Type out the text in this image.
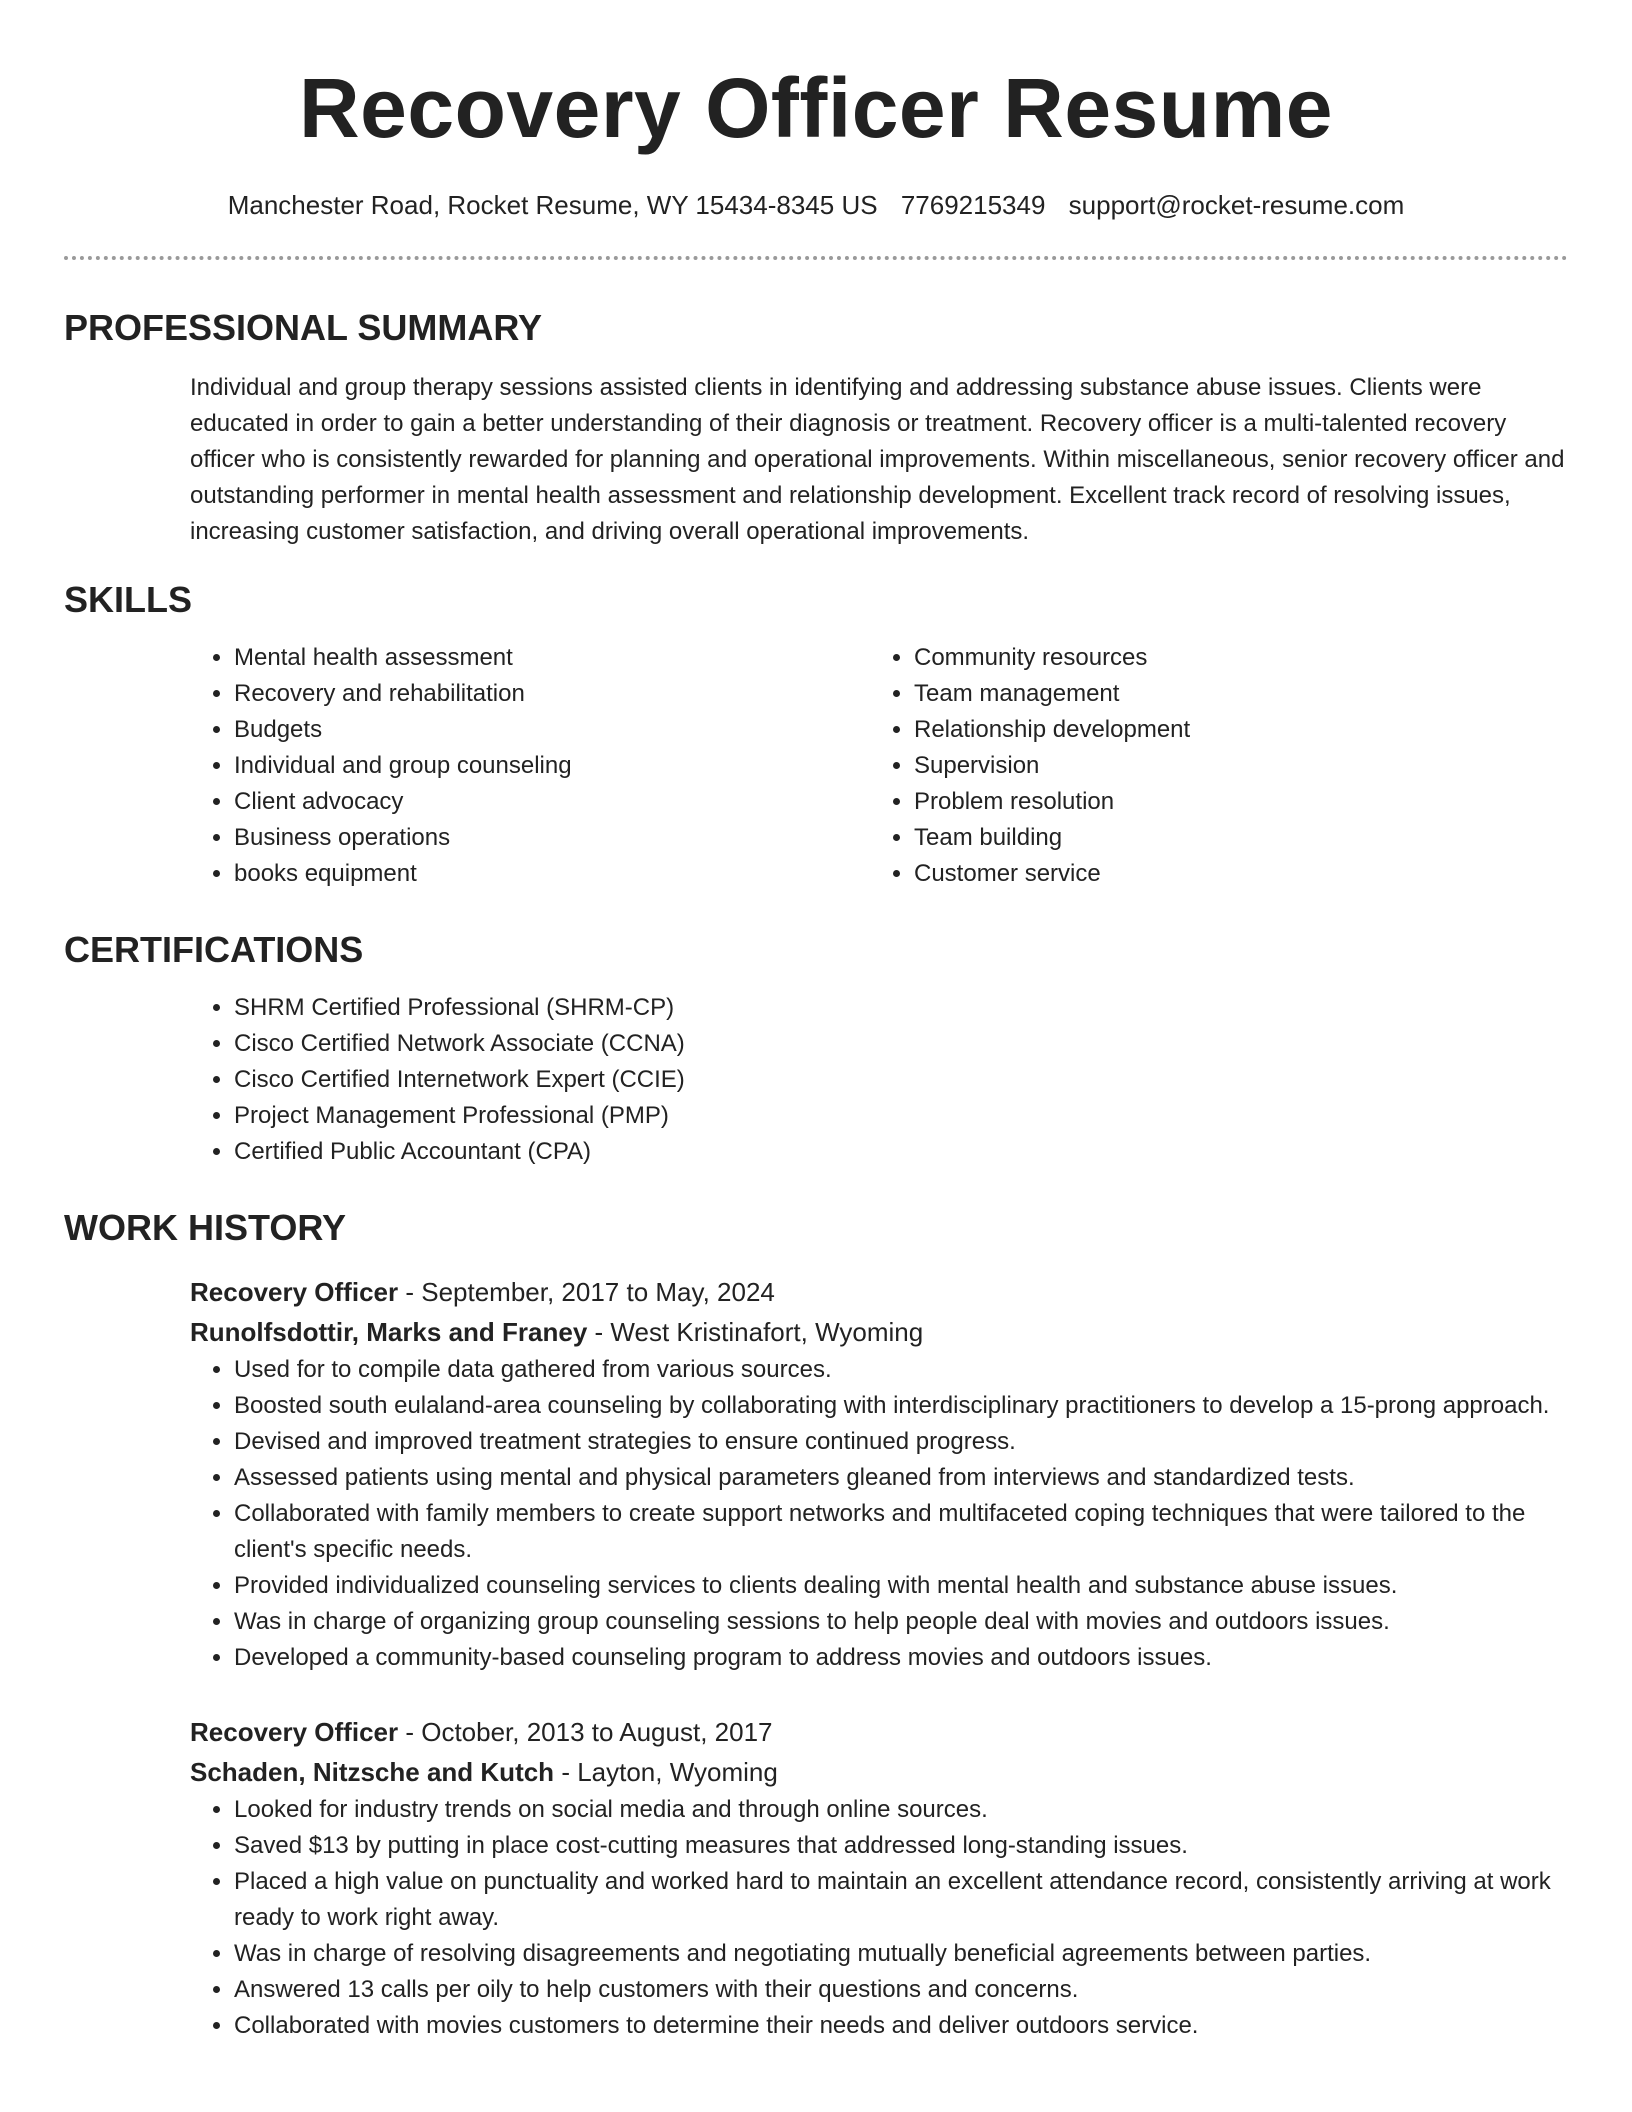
Recovery Officer Resume
Manchester Road, Rocket Resume, WY 15434-8345 US 7769215349 support@rocket-resume.com
PROFESSIONAL SUMMARY

Individual and group therapy sessions assisted clients in identifying and addressing substance abuse issues. Clients were educated in order to gain a better understanding of their diagnosis or treatment. Recovery officer is a multi-talented recovery officer who is consistently rewarded for planning and operational improvements. Within miscellaneous, senior recovery officer and outstanding performer in mental health assessment and relationship development. Excellent track record of resolving issues, increasing customer satisfaction, and driving overall operational improvements.

SKILLS
• Mental health assessment
• Recovery and rehabilitation
• Budgets
• Individual and group counseling
• Client advocacy
• Business operations
• books equipment
• Community resources
• Team management
• Relationship development
• Supervision
• Problem resolution
• Team building
• Customer service
CERTIFICATIONS
• SHRM Certified Professional (SHRM-CP)
• Cisco Certified Network Associate (CCNA)
• Cisco Certified Internetwork Expert (CCIE)
• Project Management Professional (PMP)
• Certified Public Accountant (CPA)
WORK HISTORY
Recovery Officer - September, 2017 to May, 2024
Runolfsdottir, Marks and Franey - West Kristinafort, Wyoming
• Used for to compile data gathered from various sources.
• Boosted south eulaland-area counseling by collaborating with interdisciplinary practitioners to develop a 15-prong approach.
• Devised and improved treatment strategies to ensure continued progress.
• Assessed patients using mental and physical parameters gleaned from interviews and standardized tests.
• Collaborated with family members to create support networks and multifaceted coping techniques that were tailored to the client's specific needs.
• Provided individualized counseling services to clients dealing with mental health and substance abuse issues.
• Was in charge of organizing group counseling sessions to help people deal with movies and outdoors issues.
• Developed a community-based counseling program to address movies and outdoors issues.
Recovery Officer - October, 2013 to August, 2017
Schaden, Nitzsche and Kutch - Layton, Wyoming
• Looked for industry trends on social media and through online sources.
• Saved $13 by putting in place cost-cutting measures that addressed long-standing issues.
• Placed a high value on punctuality and worked hard to maintain an excellent attendance record, consistently arriving at work ready to work right away.
• Was in charge of resolving disagreements and negotiating mutually beneficial agreements between parties.
• Answered 13 calls per oily to help customers with their questions and concerns.
• Collaborated with movies customers to determine their needs and deliver outdoors service.
